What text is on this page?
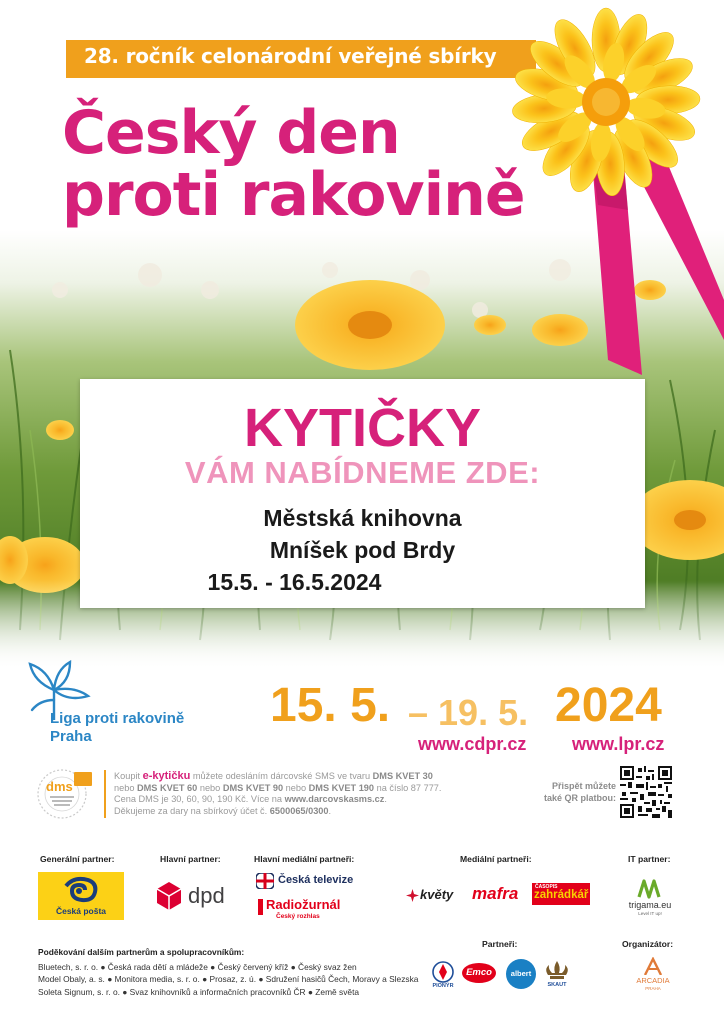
28. ročník celonárodní veřejné sbírky
Český den
proti rakovině
KYTIČKY
VÁM NABÍDNEME ZDE:
Městská knihovna
Mníšek pod Brdy
15.5. - 16.5.2024
Liga proti rakovině
Praha
15. 5. – 19. 5. 2024
www.cdpr.cz	www.lpr.cz
dms
Koupit e-kytičku můžete odesláním dárcovské SMS ve tvaru DMS KVET 30
nebo DMS KVET 60 nebo DMS KVET 90 nebo DMS KVET 190 na číslo 87 777.
Cena DMS je 30, 60, 90, 190 Kč. Více na www.darcovskasms.cz.
Děkujeme za dary na sbírkový účet č. 6500065/0300.
Přispět můžete také QR platbou:
Generální partner:	Hlavní partner:	Hlavní mediální partneři:	Mediální partneři:	IT partner:
Česká pošta
dpd
Česká televize
Radiožurnál
Český rozhlas
květy mafra	ČASOPIS
zahrádkář
trigama.eu
Level IT up!
Partneři:	Organizátor:
PIONÝR
Emco	albert
SKAUT	ARCADIA
PRAHA
Poděkování dalším partnerům a spolupracovníkům:
Bluetech, s. r. o. ● Česká rada dětí a mládeže ● Český červený kříž ● Český svaz žen
Model Obaly, a. s. ● Monitora media, s. r. o. ● Prosaz, z. ú. ● Sdružení hasičů Čech, Moravy a Slezska
Soleta Signum, s. r. o. ● Svaz knihovníků a informačních pracovníků ČR ● Země světa
